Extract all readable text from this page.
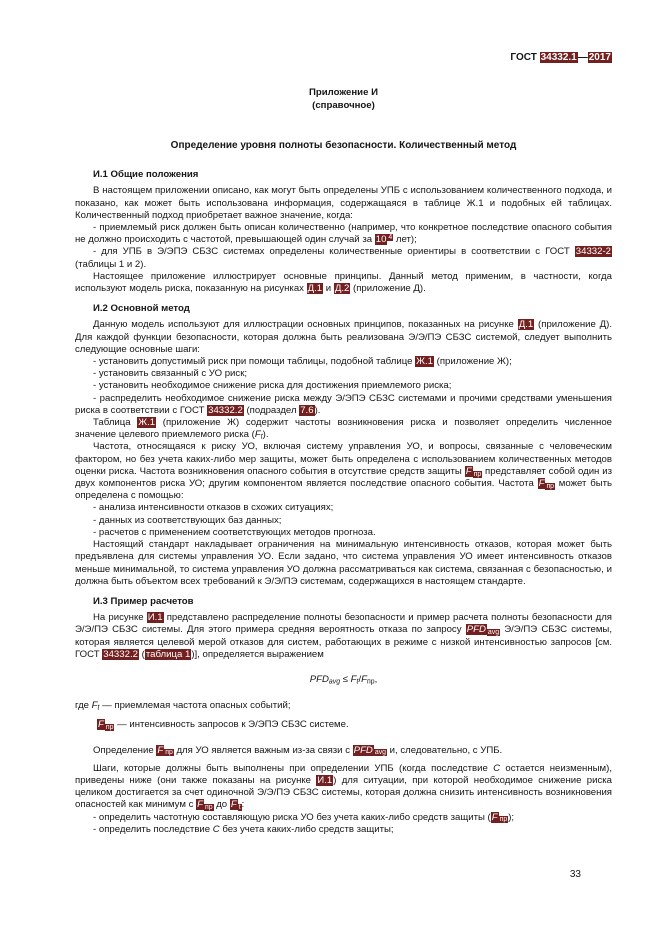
ГОСТ 34332.1—2017
Приложение И
(справочное)
Определение уровня полноты безопасности. Количественный метод
И.1 Общие положения
В настоящем приложении описано, как могут быть определены УПБ с использованием количественного подхода, и показано, как может быть использована информация, содержащаяся в таблице Ж.1 и подобных ей таблицах. Количественный подход приобретает важное значение, когда:
- приемлемый риск должен быть описан количественно (например, что конкретное последствие опасного события не должно происходить с частотой, превышающей один случай за 10 $^4$ лет);
- для УПБ в Э/ЭПЭ СБЗС системах определены количественные ориентиры в соответствии с ГОСТ 34332-2 (таблицы 1 и 2).
Настоящее приложение иллюстрирует основные принципы. Данный метод применим, в частности, когда используют модель риска, показанную на рисунках Д.1 и Д.2 (приложение Д).
И.2 Основной метод
Данную модель используют для иллюстрации основных принципов, показанных на рисунке Д.1 (приложение Д). Для каждой функции безопасности, которая должна быть реализована Э/Э/ПЭ СБЗС системой, следует выполнить следующие основные шаги:
- установить допустимый риск при помощи таблицы, подобной таблице Ж.1 (приложение Ж);
- установить связанный с УО риск;
- установить необходимое снижение риска для достижения приемлемого риска;
- распределить необходимое снижение риска между Э/ЭПЭ СБЗС системами и прочими средствами уменьшения риска в соответствии с ГОСТ 34332.2 (подраздел 7.6).
Таблица Ж.1 (приложение Ж) содержит частоты возникновения риска и позволяет определить численное значение целевого приемлемого риска $(F_t)$.
Частота, относящаяся к риску УО, включая систему управления УО, и вопросы, связанные с человеческим фактором, но без учета каких-либо мер защиты, может быть определена с использованием количественных методов оценки риска. Частота возникновения опасного события в отсутствие средств защиты F $_{пр}$ представляет собой один из двух компонентов риска УО; другим компонентом является последствие опасного события. Частота F $_{пр}$ может быть определена с помощью:
- анализа интенсивности отказов в схожих ситуациях;
- данных из соответствующих баз данных;
- расчетов с применением соответствующих методов прогноза.
Настоящий стандарт накладывает ограничения на минимальную интенсивность отказов, которая может быть предъявлена для системы управления УО. Если задано, что система управления УО имеет интенсивность отказов меньше минимальной, то система управления УО должна рассматриваться как система, связанная с безопасностью, и должна быть объектом всех требований к Э/Э/ПЭ системам, содержащихся в настоящем стандарте.
И.3 Пример расчетов
На рисунке И.1 представлено распределение полноты безопасности и пример расчета полноты безопасности для Э/Э/ПЭ СБЗС системы. Для этого примера средняя вероятность отказа по запросу PFD $_{avg}$ Э/Э/ПЭ СБЗС системы, которая является целевой мерой отказов для систем, работающих в режиме с низкой интенсивностью запросов [см. ГОСТ 34332.2 (таблица 1)], определяется выражением
$PFD_{avg} \le F_t/F_{пр}$,
где $F_t$ — приемлемая частота опасных событий;
F $_{пр}$ — интенсивность запросов к Э/ЭПЭ СБЗС системе.
Определение F $_{пр}$ для УО является важным из-за связи с PFD $_{avg}$ и, следовательно, с УПБ.
Шаги, которые должны быть выполнены при определении УПБ (когда последствие C остается неизменным), приведены ниже (они также показаны на рисунке И.1) для ситуации, при которой необходимое снижение риска целиком достигается за счет одиночной Э/Э/ПЭ СБЗС системы, которая должна снизить интенсивность возникновения опасностей как минимум с F $_{пр}$ до F $_t$:
- определить частотную составляющую риска УО без учета каких-либо средств защиты (F $_{пр}$);
- определить последствие C без учета каких-либо средств защиты;
33
